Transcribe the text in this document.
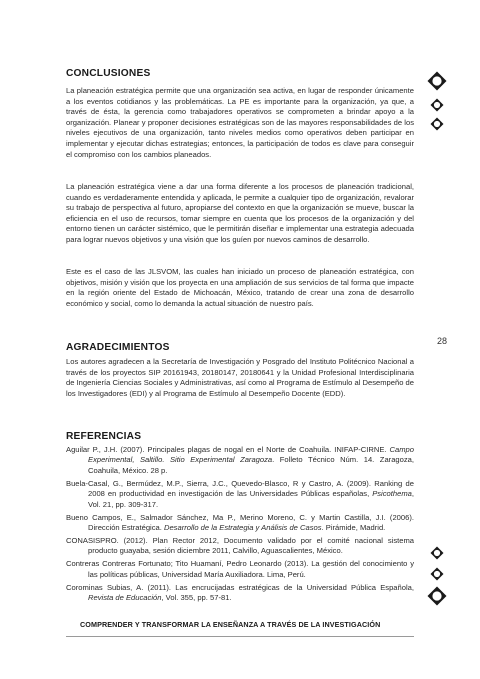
CONCLUSIONES

La planeación estratégica permite que una organización sea activa, en lugar de responder únicamente a los eventos cotidianos y las problemáticas. La PE es importante para la organización, ya que, a través de ésta, la gerencia como trabajadores operativos se comprometen a brindar apoyo a la organización. Planear y proponer decisiones estratégicas son de las mayores responsabilidades de los niveles ejecutivos de una organización, tanto niveles medios como operativos deben participar en implementar y ejecutar dichas estrategias; entonces, la participación de todos es clave para conseguir el compromiso con los cambios planeados.

La planeación estratégica viene a dar una forma diferente a los procesos de planeación tradicional, cuando es verdaderamente entendida y aplicada, le permite a cualquier tipo de organización, revalorar su trabajo de perspectiva al futuro, apropiarse del contexto en que la organización se mueve, buscar la eficiencia en el uso de recursos, tomar siempre en cuenta que los procesos de la organización y del entorno tienen un carácter sistémico, que le permitirán diseñar e implementar una estrategia adecuada para lograr nuevos objetivos y una visión que los guíen por nuevos caminos de desarrollo.

Este es el caso de las JLSVOM, las cuales han iniciado un proceso de planeación estratégica, con objetivos, misión y visión que los proyecta en una ampliación de sus servicios de tal forma que impacte en la región oriente del Estado de Michoacán, México, tratando de crear una zona de desarrollo económico y social, como lo demanda la actual situación de nuestro país.

28
AGRADECIMIENTOS

Los autores agradecen a la Secretaría de Investigación y Posgrado del Instituto Politécnico Nacional a través de los proyectos SIP 20161943, 20180147, 20180641 y la Unidad Profesional Interdisciplinaria de Ingeniería Ciencias Sociales y Administrativas, así como al Programa de Estímulo al Desempeño de los Investigadores (EDI) y al Programa de Estímulo al Desempeño Docente (EDD).

REFERENCIAS
Aguilar P., J.H. (2007). Principales plagas de nogal en el Norte de Coahuila. INIFAP-CIRNE. Campo Experimental, Saltillo. Sitio Experimental Zaragoza. Folleto Técnico Núm. 14. Zaragoza, Coahuila, México. 28 p.
Buela-Casal, G., Bermúdez, M.P., Sierra, J.C., Quevedo-Blasco, R y Castro, A. (2009). Ranking de 2008 en productividad en investigación de las Universidades Públicas españolas, Psicothema, Vol. 21, pp. 309-317.
Bueno Campos, E., Salmador Sánchez, Ma P., Merino Moreno, C. y Martin Castilla, J.I. (2006). Dirección Estratégica. Desarrollo de la Estrategia y Análisis de Casos. Pirámide, Madrid.
CONASISPRO. (2012). Plan Rector 2012, Documento validado por el comité nacional sistema producto guayaba, sesión diciembre 2011, Calvillo, Aguascalientes, México.
Contreras Contreras Fortunato; Tito Huamaní, Pedro Leonardo (2013). La gestión del conocimiento y las políticas públicas, Universidad María Auxiliadora. Lima, Perú.
Corominas Subias, A. (2011). Las encrucijadas estratégicas de la Universidad Pública Española, Revista de Educación, Vol. 355, pp. 57-81.
COMPRENDER Y TRANSFORMAR LA ENSEÑANZA A TRAVÉS DE LA INVESTIGACIÓN
